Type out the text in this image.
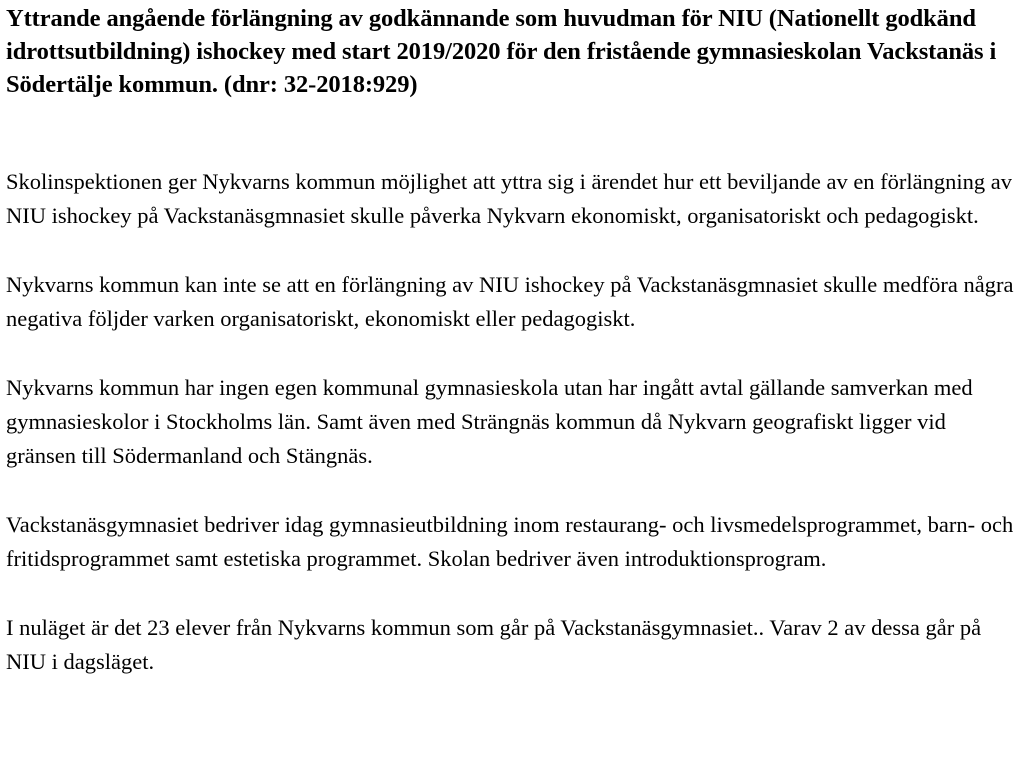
Yttrande angående förlängning av godkännande som huvudman för NIU (Nationellt godkänd idrottsutbildning) ishockey med start 2019/2020 för den fristående gymnasieskolan Vackstanäs i Södertälje kommun. (dnr: 32-2018:929)

Skolinspektionen ger Nykvarns kommun möjlighet att yttra sig i ärendet hur ett beviljande av en förlängning av NIU ishockey på Vackstanäsgmnasiet skulle påverka Nykvarn ekonomiskt, organisatoriskt och pedagogiskt.

Nykvarns kommun kan inte se att en förlängning av NIU ishockey på Vackstanäsgmnasiet skulle medföra några negativa följder varken organisatoriskt, ekonomiskt eller pedagogiskt.

Nykvarns kommun har ingen egen kommunal gymnasieskola utan har ingått avtal gällande samverkan med gymnasieskolor i Stockholms län. Samt även med Strängnäs kommun då Nykvarn geografiskt ligger vid gränsen till Södermanland och Stängnäs.

Vackstanäsgymnasiet bedriver idag gymnasieutbildning inom restaurang- och livsmedelsprogrammet, barn- och fritidsprogrammet samt estetiska programmet. Skolan bedriver även introduktionsprogram.

I nuläget är det 23 elever från Nykvarns kommun som går på Vackstanäsgymnasiet.. Varav 2 av dessa går på NIU i dagsläget.
